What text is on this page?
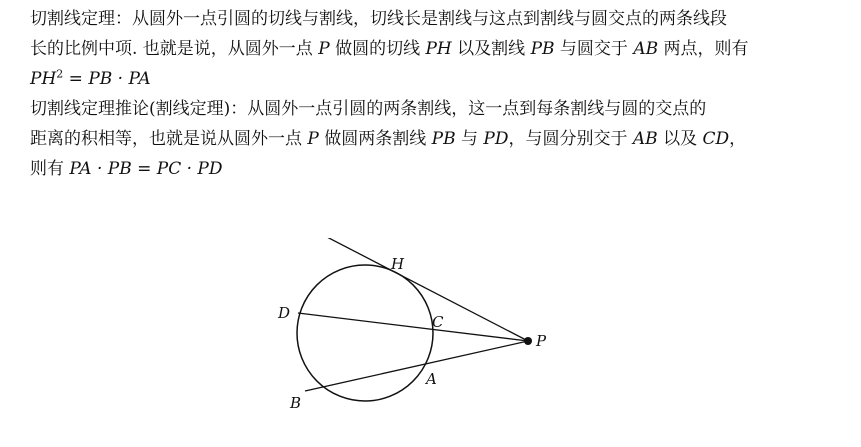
切割线定理：从圆外一点引圆的切线与割线，切线长是割线与这点到割线与圆交点的两条线段
长的比例中项. 也就是说，从圆外一点 P 做圆的切线 PH 以及割线 PB 与圆交于 AB 两点，则有
$PH^2$ = PB · PA
切割线定理推论(割线定理)：从圆外一点引圆的两条割线，这一点到每条割线与圆的交点的
距离的积相等，也就是说从圆外一点 P 做圆两条割线 PB 与 PD，与圆分别交于 AB 以及 CD，
则有 PA · PB = PC · PD
H
D	C
P
A
B
